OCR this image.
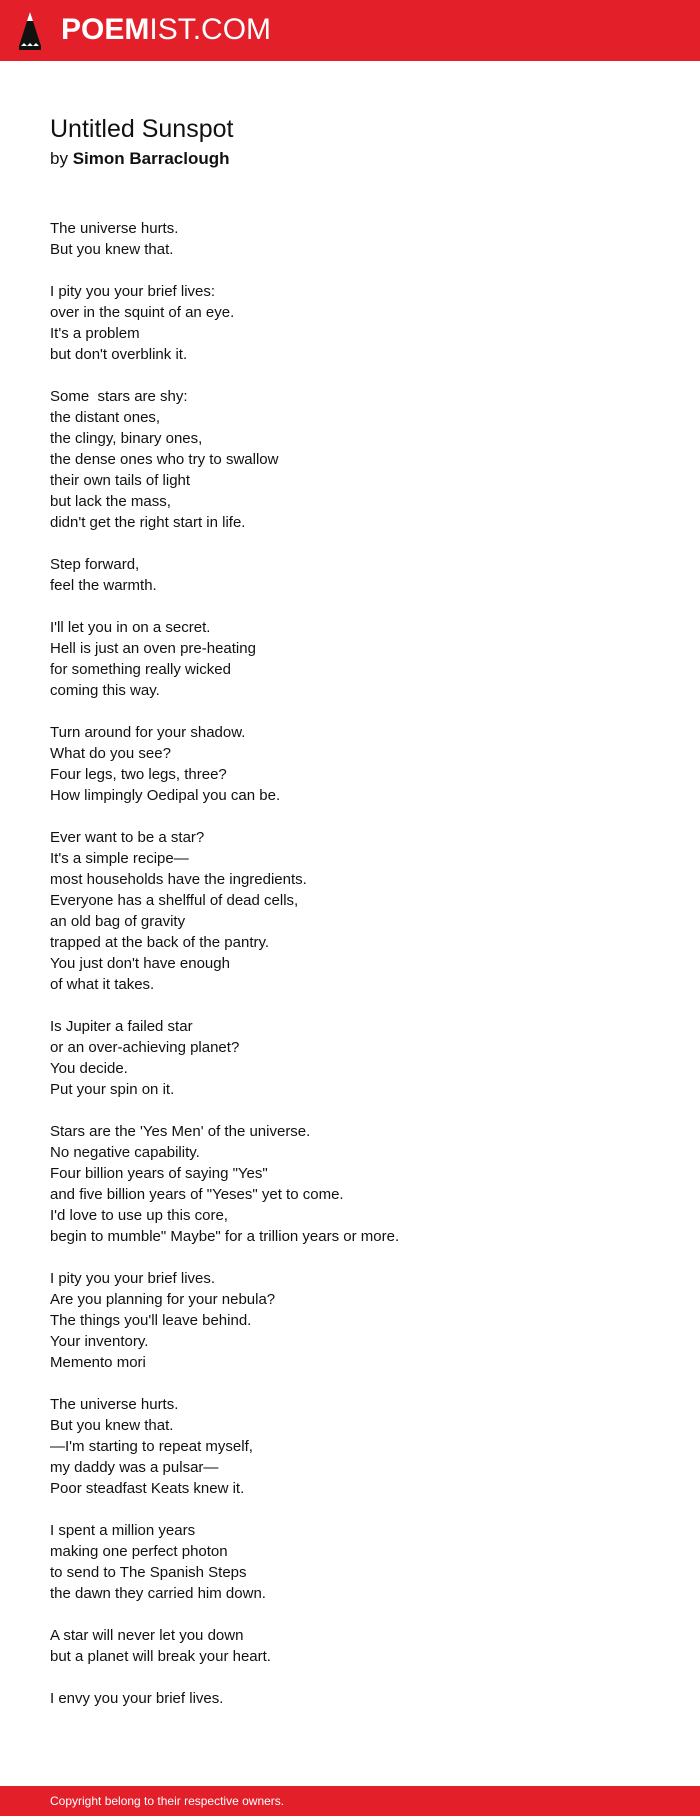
POEMIST.COM
Untitled Sunspot
by Simon Barraclough
The universe hurts.
But you knew that.
I pity you your brief lives:
over in the squint of an eye.
It's a problem
but don't overblink it.
Some  stars are shy:
the distant ones,
the clingy, binary ones,
the dense ones who try to swallow
their own tails of light
but lack the mass,
didn't get the right start in life.
Step forward,
feel the warmth.
I'll let you in on a secret.
Hell is just an oven pre-heating
for something really wicked
coming this way.
Turn around for your shadow.
What do you see?
Four legs, two legs, three?
How limpingly Oedipal you can be.
Ever want to be a star?
It's a simple recipe—
most households have the ingredients.
Everyone has a shelfful of dead cells,
an old bag of gravity
trapped at the back of the pantry.
You just don't have enough
of what it takes.
Is Jupiter a failed star
or an over-achieving planet?
You decide.
Put your spin on it.
Stars are the 'Yes Men' of the universe.
No negative capability.
Four billion years of saying "Yes"
and five billion years of "Yeses" yet to come.
I'd love to use up this core,
begin to mumble" Maybe" for a trillion years or more.
I pity you your brief lives.
Are you planning for your nebula?
The things you'll leave behind.
Your inventory.
Memento mori
The universe hurts.
But you knew that.
—I'm starting to repeat myself,
my daddy was a pulsar—
Poor steadfast Keats knew it.
I spent a million years
making one perfect photon
to send to The Spanish Steps
the dawn they carried him down.
A star will never let you down
but a planet will break your heart.
I envy you your brief lives.
Copyright belong to their respective owners.
